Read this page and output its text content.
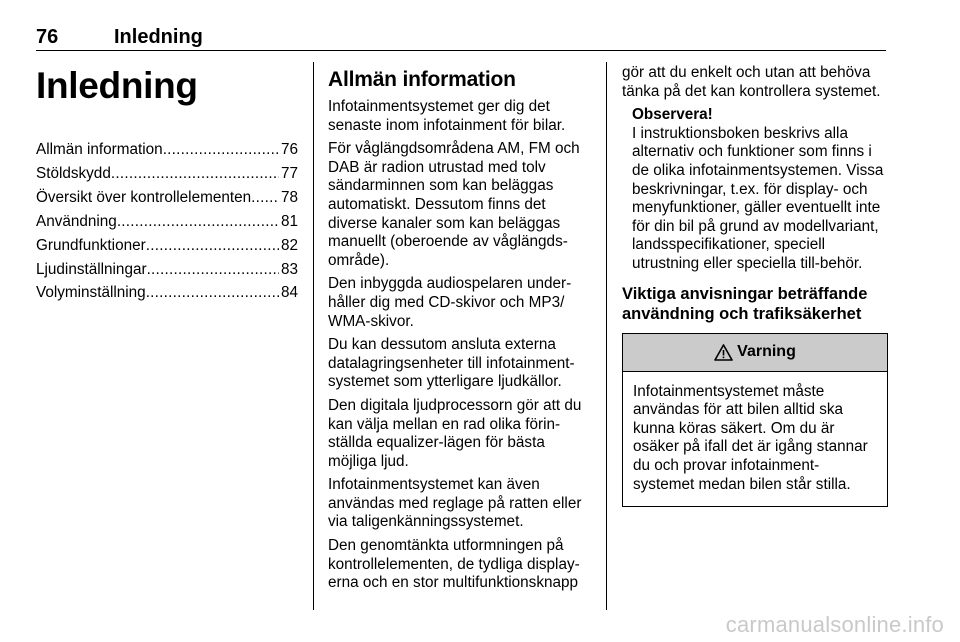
76	Inledning
Inledning
Allmän information . . .	76
Stöldskydd . . .	77
Översikt över kontrollelementen . . . 78
Användning . . .	81
Grundfunktioner . . .	82
Ljudinställningar . . .	83
Volyminställning . . .	84
Allmän information

Infotainmentsystemet ger dig det senaste inom infotainment för bilar.

För våglängdsområdena AM, FM och DAB är radion utrustad med tolv sändarminnen som kan beläggas automatiskt. Dessutom finns det diverse kanaler som kan beläggas manuellt (oberoende av våglängds-område).

Den inbyggda audiospelaren under-håller dig med CD-skivor och MP3/ WMA-skivor.

Du kan dessutom ansluta externa datalagringsenheter till infotainment-systemet som ytterligare ljudkällor.

Den digitala ljudprocessorn gör att du kan välja mellan en rad olika förin-ställda equalizer-lägen för bästa möjliga ljud.

Infotainmentsystemet kan även användas med reglage på ratten eller via taligenkänningssystemet.

Den genomtänkta utformningen på kontrollelementen, de tydliga display-erna och en stor multifunktionsknapp

gör att du enkelt och utan att behöva tänka på det kan kontrollera systemet.

Observera!

I instruktionsboken beskrivs alla alternativ och funktioner som finns i de olika infotainmentsystemen. Vissa beskrivningar, t.ex. för display- och menyfunktioner, gäller eventuellt inte för din bil på grund av modellvariant, landsspecifikationer, speciell utrustning eller speciella till-behör.

Viktiga anvisningar beträffande användning och trafiksäkerhet
Varning

Infotainmentsystemet måste användas för att bilen alltid ska kunna köras säkert. Om du är osäker på ifall det är igång stannar du och provar infotainment-systemet medan bilen står stilla.

carmanualsonline.info
